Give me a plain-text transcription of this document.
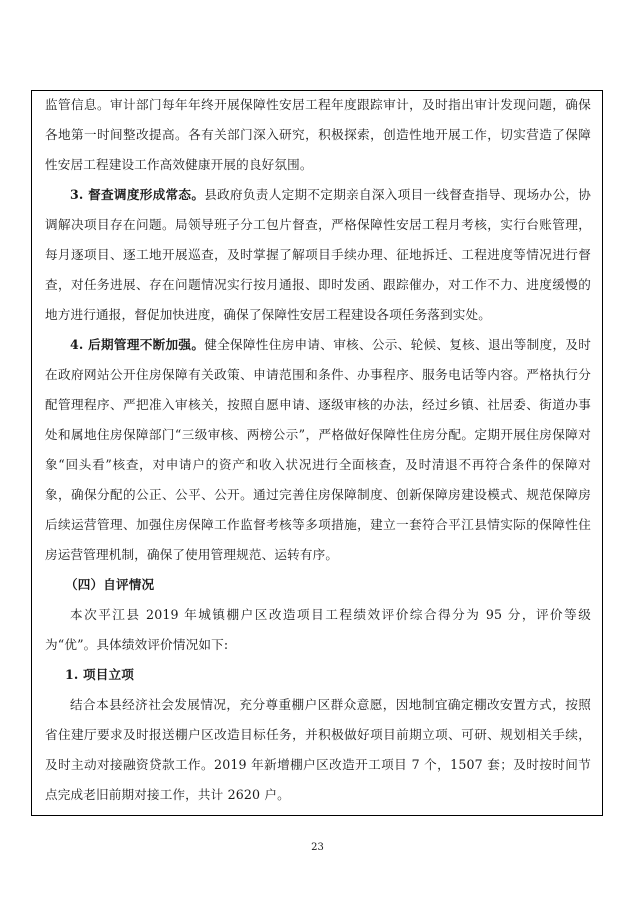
监管信息。审计部门每年年终开展保障性安居工程年度跟踪审计，及时指出审计发现问题，确保各地第一时间整改提高。各有关部门深入研究，积极探索，创造性地开展工作，切实营造了保障性安居工程建设工作高效健康开展的良好氛围。

3. 督查调度形成常态。县政府负责人定期不定期亲自深入项目一线督查指导、现场办公，协调解决项目存在问题。局领导班子分工包片督查，严格保障性安居工程月考核，实行台账管理，每月逐项目、逐工地开展巡查，及时掌握了解项目手续办理、征地拆迁、工程进度等情况进行督查，对任务进展、存在问题情况实行按月通报、即时发函、跟踪催办，对工作不力、进度缓慢的地方进行通报，督促加快进度，确保了保障性安居工程建设各项任务落到实处。

4. 后期管理不断加强。健全保障性住房申请、审核、公示、轮候、复核、退出等制度，及时在政府网站公开住房保障有关政策、申请范围和条件、办事程序、服务电话等内容。严格执行分配管理程序、严把准入审核关，按照自愿申请、逐级审核的办法，经过乡镇、社居委、街道办事处和属地住房保障部门“三级审核、两榜公示”，严格做好保障性住房分配。定期开展住房保障对象“回头看”核查，对申请户的资产和收入状况进行全面核查，及时清退不再符合条件的保障对象，确保分配的公正、公平、公开。通过完善住房保障制度、创新保障房建设模式、规范保障房后续运营管理、加强住房保障工作监督考核等多项措施，建立一套符合平江县情实际的保障性住房运营管理机制，确保了使用管理规范、运转有序。

（四）自评情况

本次平江县 2019 年城镇棚户区改造项目工程绩效评价综合得分为 95 分，评价等级为“优”。具体绩效评价情况如下:

1. 项目立项

结合本县经济社会发展情况，充分尊重棚户区群众意愿，因地制宜确定棚改安置方式，按照省住建厅要求及时报送棚户区改造目标任务，并积极做好项目前期立项、可研、规划相关手续，及时主动对接融资贷款工作。2019 年新增棚户区改造开工项目 7 个，1507 套；及时按时间节点完成老旧前期对接工作，共计 2620 户。

23
